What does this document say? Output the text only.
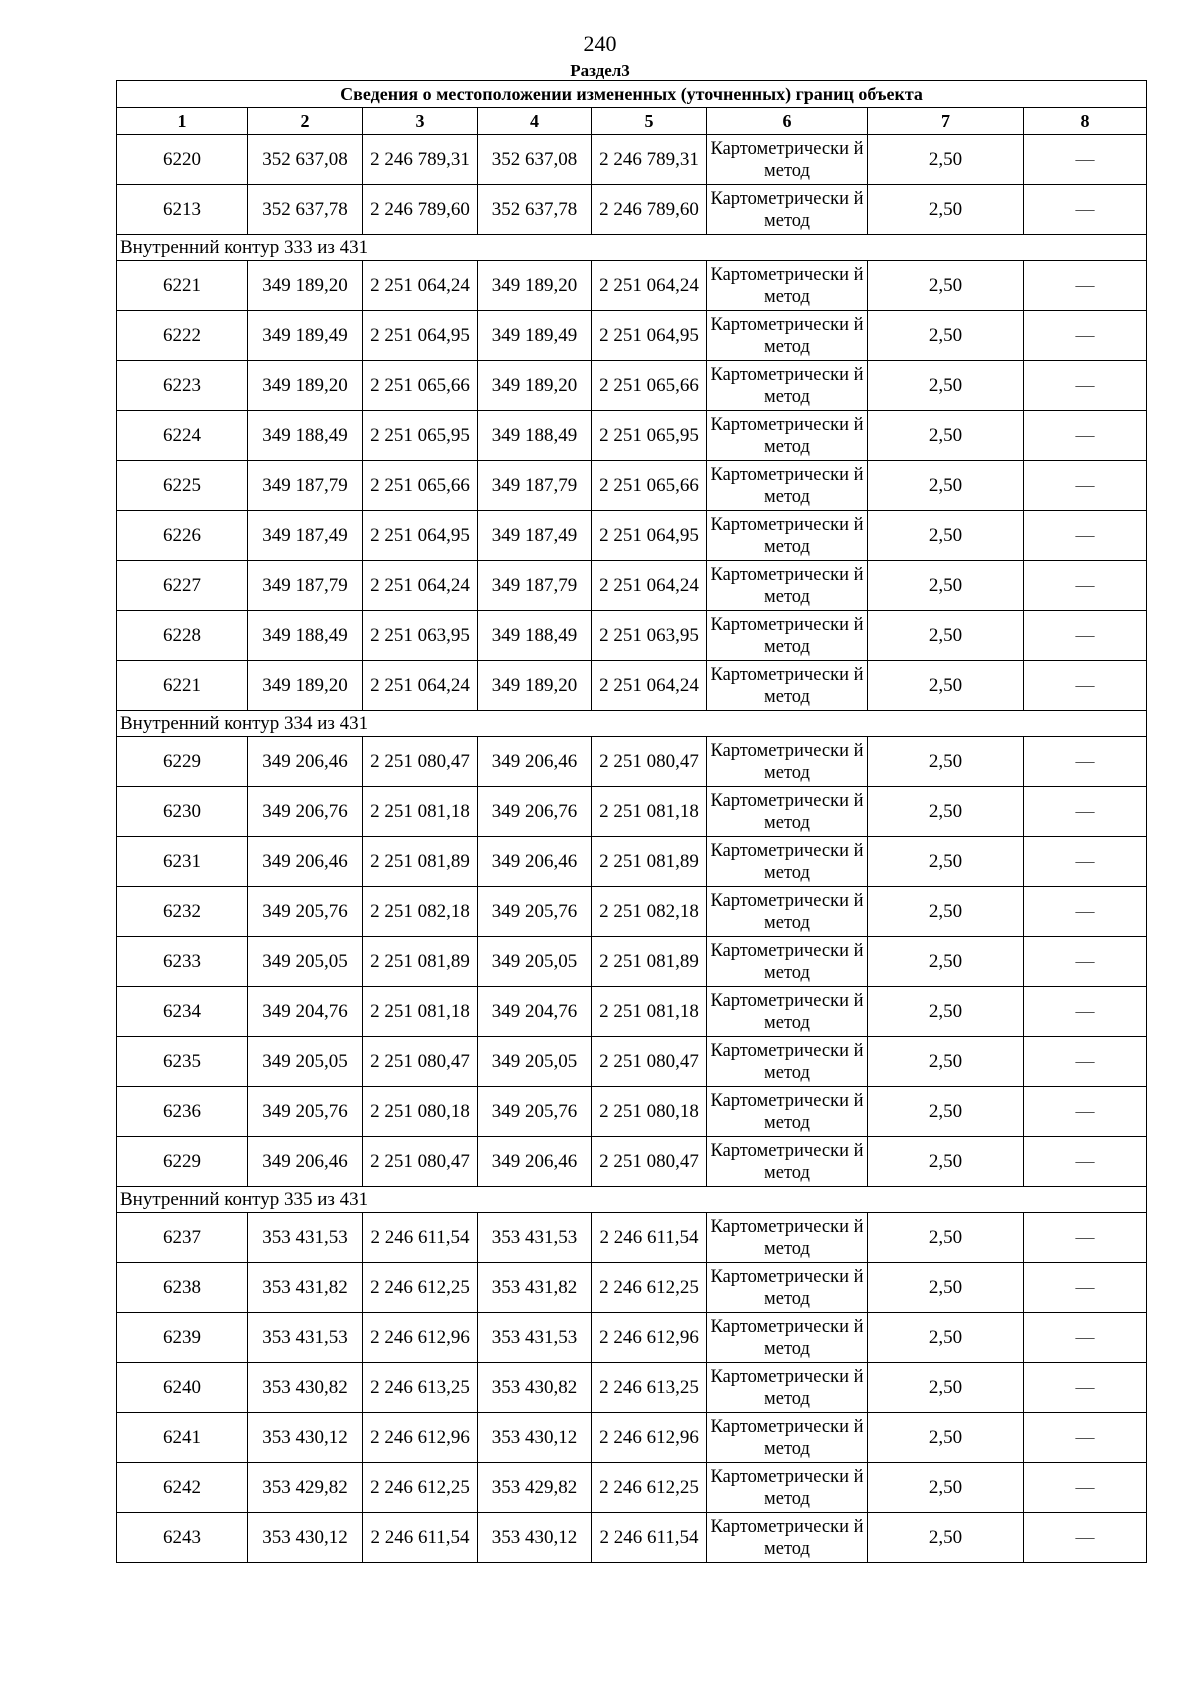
240
Раздел3
Сведения о местоположении измененных (уточненных) границ объекта							
1	2	3	4	5	6	7	8
6220	352 637,08	2 246 789,31	352 637,08	2 246 789,31	Картометрически й метод	2,50	—
6213	352 637,78	2 246 789,60	352 637,78	2 246 789,60	Картометрически й метод	2,50	—
Внутренний контур 333 из 431							
6221	349 189,20	2 251 064,24	349 189,20	2 251 064,24	Картометрически й метод	2,50	—
6222	349 189,49	2 251 064,95	349 189,49	2 251 064,95	Картометрически й метод	2,50	—
6223	349 189,20	2 251 065,66	349 189,20	2 251 065,66	Картометрически й метод	2,50	—
6224	349 188,49	2 251 065,95	349 188,49	2 251 065,95	Картометрически й метод	2,50	—
6225	349 187,79	2 251 065,66	349 187,79	2 251 065,66	Картометрически й метод	2,50	—
6226	349 187,49	2 251 064,95	349 187,49	2 251 064,95	Картометрически й метод	2,50	—
6227	349 187,79	2 251 064,24	349 187,79	2 251 064,24	Картометрически й метод	2,50	—
6228	349 188,49	2 251 063,95	349 188,49	2 251 063,95	Картометрически й метод	2,50	—
6221	349 189,20	2 251 064,24	349 189,20	2 251 064,24	Картометрически й метод	2,50	—
Внутренний контур 334 из 431							
6229	349 206,46	2 251 080,47	349 206,46	2 251 080,47	Картометрически й метод	2,50	—
6230	349 206,76	2 251 081,18	349 206,76	2 251 081,18	Картометрически й метод	2,50	—
6231	349 206,46	2 251 081,89	349 206,46	2 251 081,89	Картометрически й метод	2,50	—
6232	349 205,76	2 251 082,18	349 205,76	2 251 082,18	Картометрически й метод	2,50	—
6233	349 205,05	2 251 081,89	349 205,05	2 251 081,89	Картометрически й метод	2,50	—
6234	349 204,76	2 251 081,18	349 204,76	2 251 081,18	Картометрически й метод	2,50	—
6235	349 205,05	2 251 080,47	349 205,05	2 251 080,47	Картометрически й метод	2,50	—
6236	349 205,76	2 251 080,18	349 205,76	2 251 080,18	Картометрически й метод	2,50	—
6229	349 206,46	2 251 080,47	349 206,46	2 251 080,47	Картометрически й метод	2,50	—
Внутренний контур 335 из 431							
6237	353 431,53	2 246 611,54	353 431,53	2 246 611,54	Картометрически й метод	2,50	—
6238	353 431,82	2 246 612,25	353 431,82	2 246 612,25	Картометрически й метод	2,50	—
6239	353 431,53	2 246 612,96	353 431,53	2 246 612,96	Картометрически й метод	2,50	—
6240	353 430,82	2 246 613,25	353 430,82	2 246 613,25	Картометрически й метод	2,50	—
6241	353 430,12	2 246 612,96	353 430,12	2 246 612,96	Картометрически й метод	2,50	—
6242	353 429,82	2 246 612,25	353 429,82	2 246 612,25	Картометрически й метод	2,50	—
6243	353 430,12	2 246 611,54	353 430,12	2 246 611,54	Картометрически й метод	2,50	—
